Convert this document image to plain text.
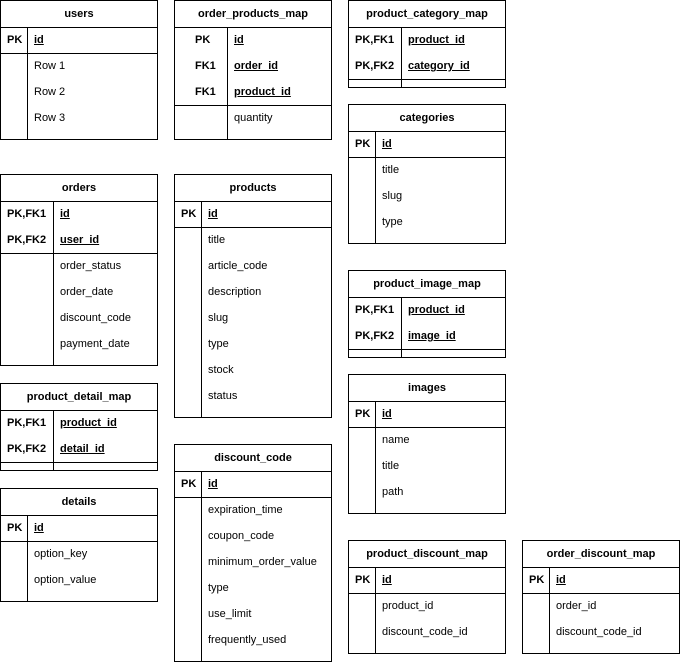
users
PK id
Row 1
Row 2
Row 3
order_products_map
PK id
FK1 order_id
FK1 product_id
quantity
product_category_map
PK,FK1 product_id
PK,FK2 category_id
categories
PK id
title
slug
type
orders
PK,FK1 id
PK,FK2 user_id
order_status
order_date
discount_code
payment_date
products
PK id
title
article_code
description
slug
type
stock
status
product_image_map
PK,FK1 product_id
PK,FK2 image_id
images
PK id
name
title
path
product_detail_map
PK,FK1 product_id
PK,FK2 detail_id
discount_code
PK id
expiration_time
coupon_code
minimum_order_value
type
use_limit
frequently_used
details
PK id
option_key
option_value
product_discount_map
PK id
product_id
discount_code_id
order_discount_map
PK id
order_id
discount_code_id
